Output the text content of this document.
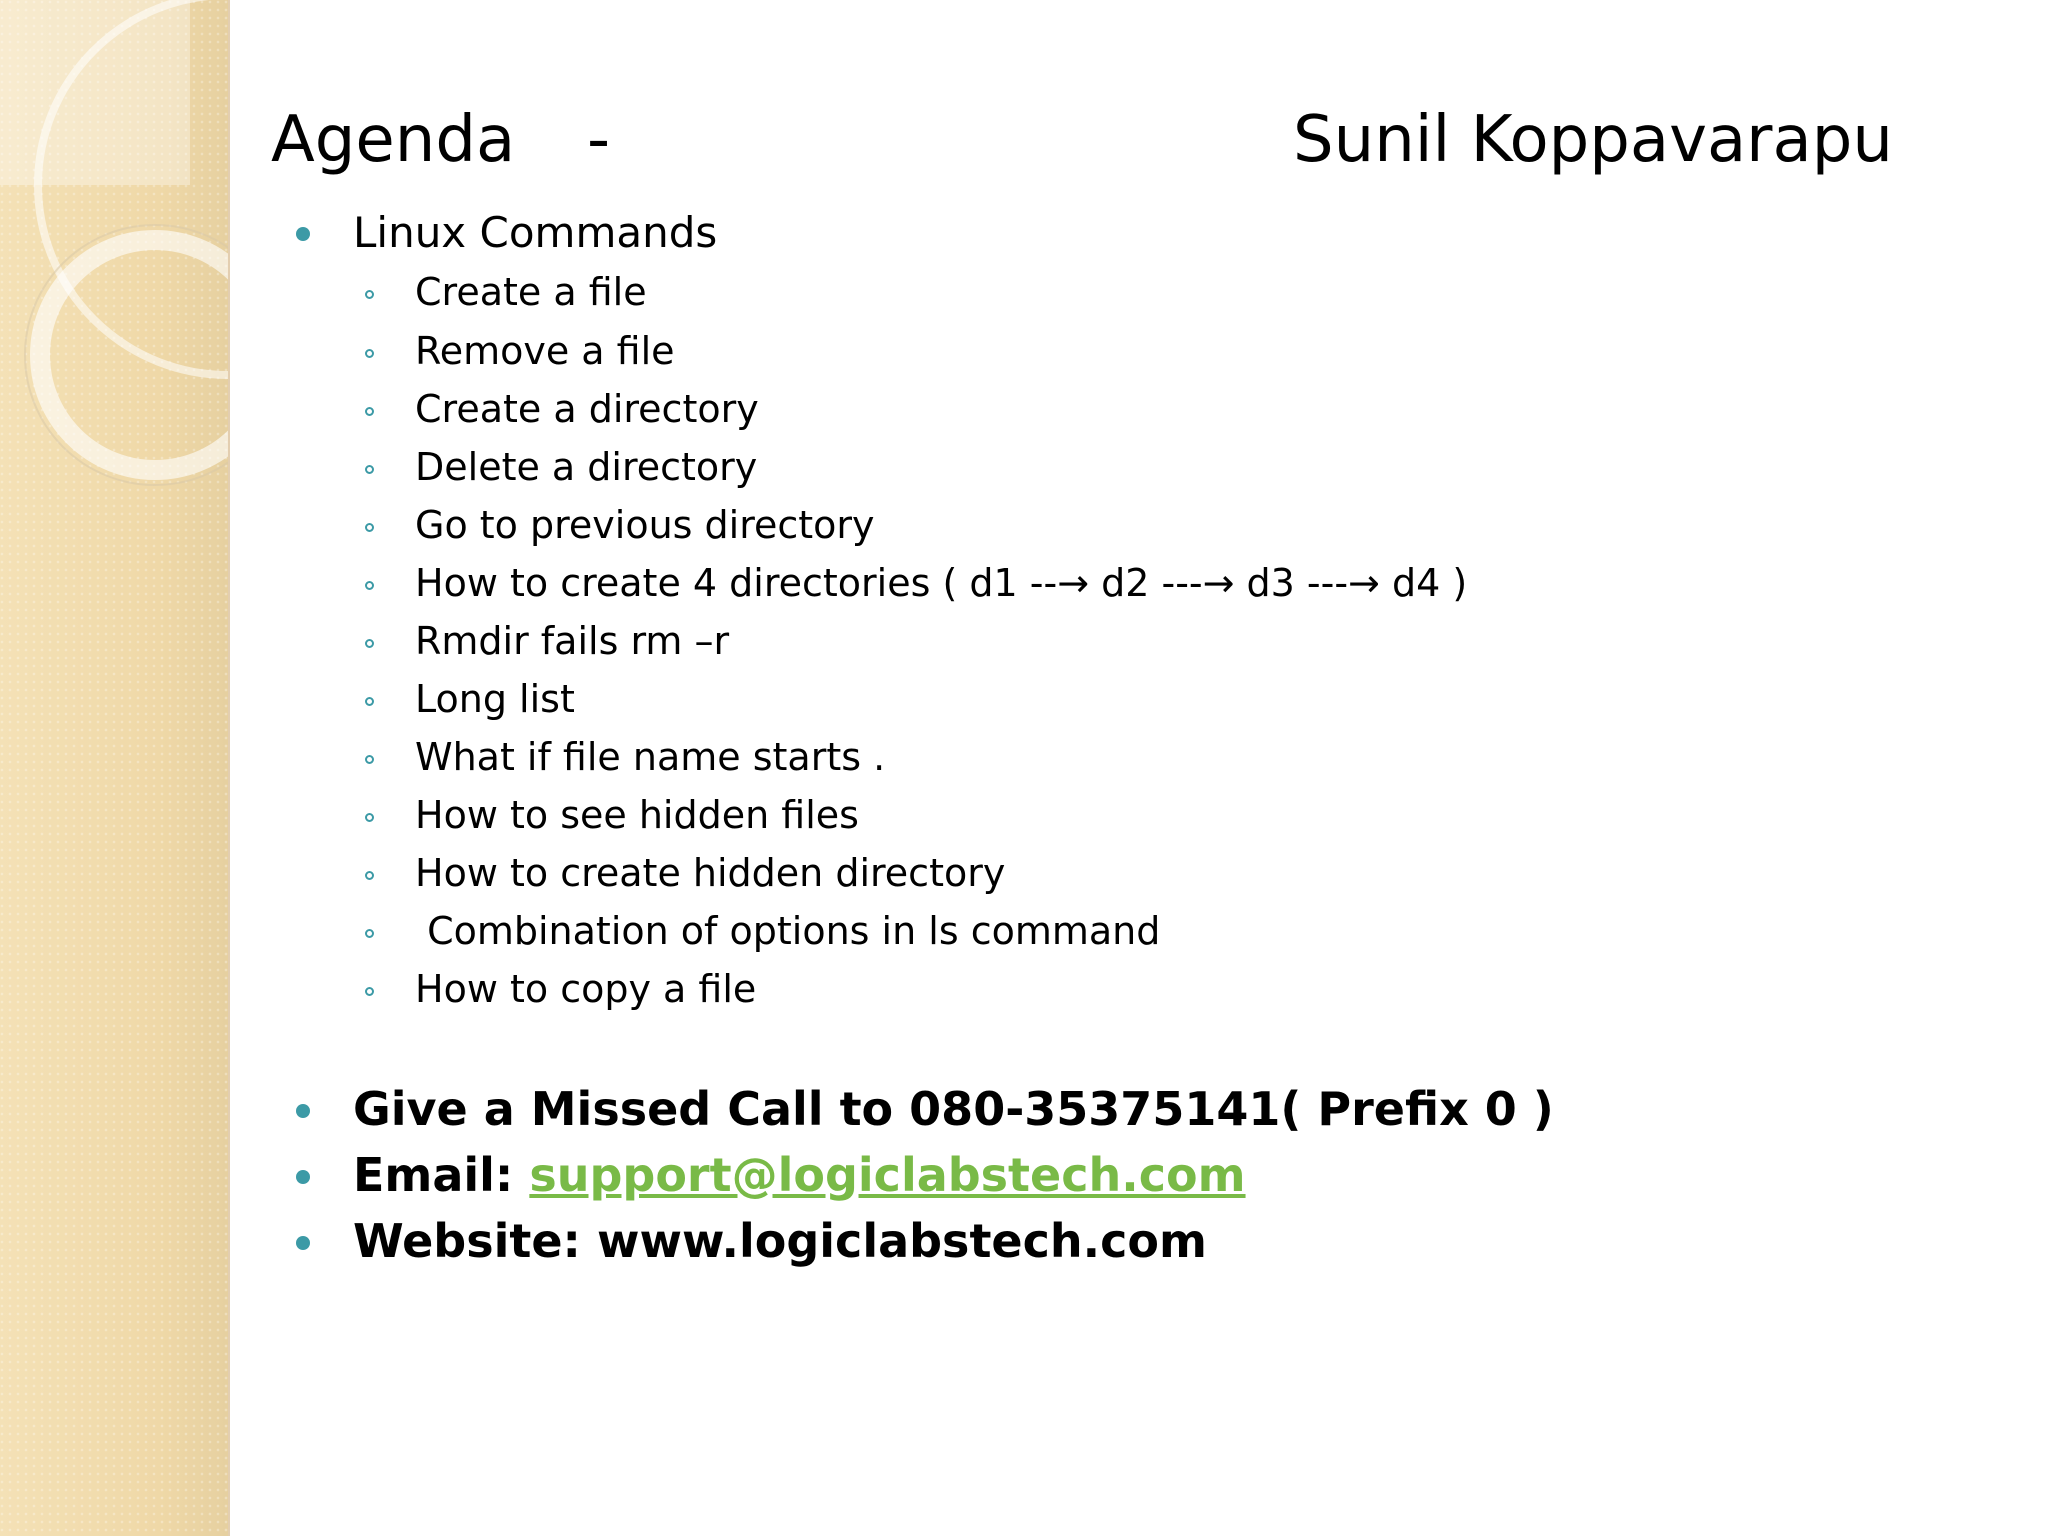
Agenda -	Sunil Koppavarapu
Linux Commands
Create a file
Remove a file
Create a directory
Delete a directory
Go to previous directory
How to create 4 directories ( d1 --→ d2 ---→ d3 ---→ d4 )
Rmdir fails rm –r
Long list
What if file name starts .
How to see hidden files
How to create hidden directory
Combination of options in ls command
How to copy a file
Give a Missed Call to 080-35375141( Prefix 0 )
Email: support@logiclabstech.com
Website: www.logiclabstech.com
